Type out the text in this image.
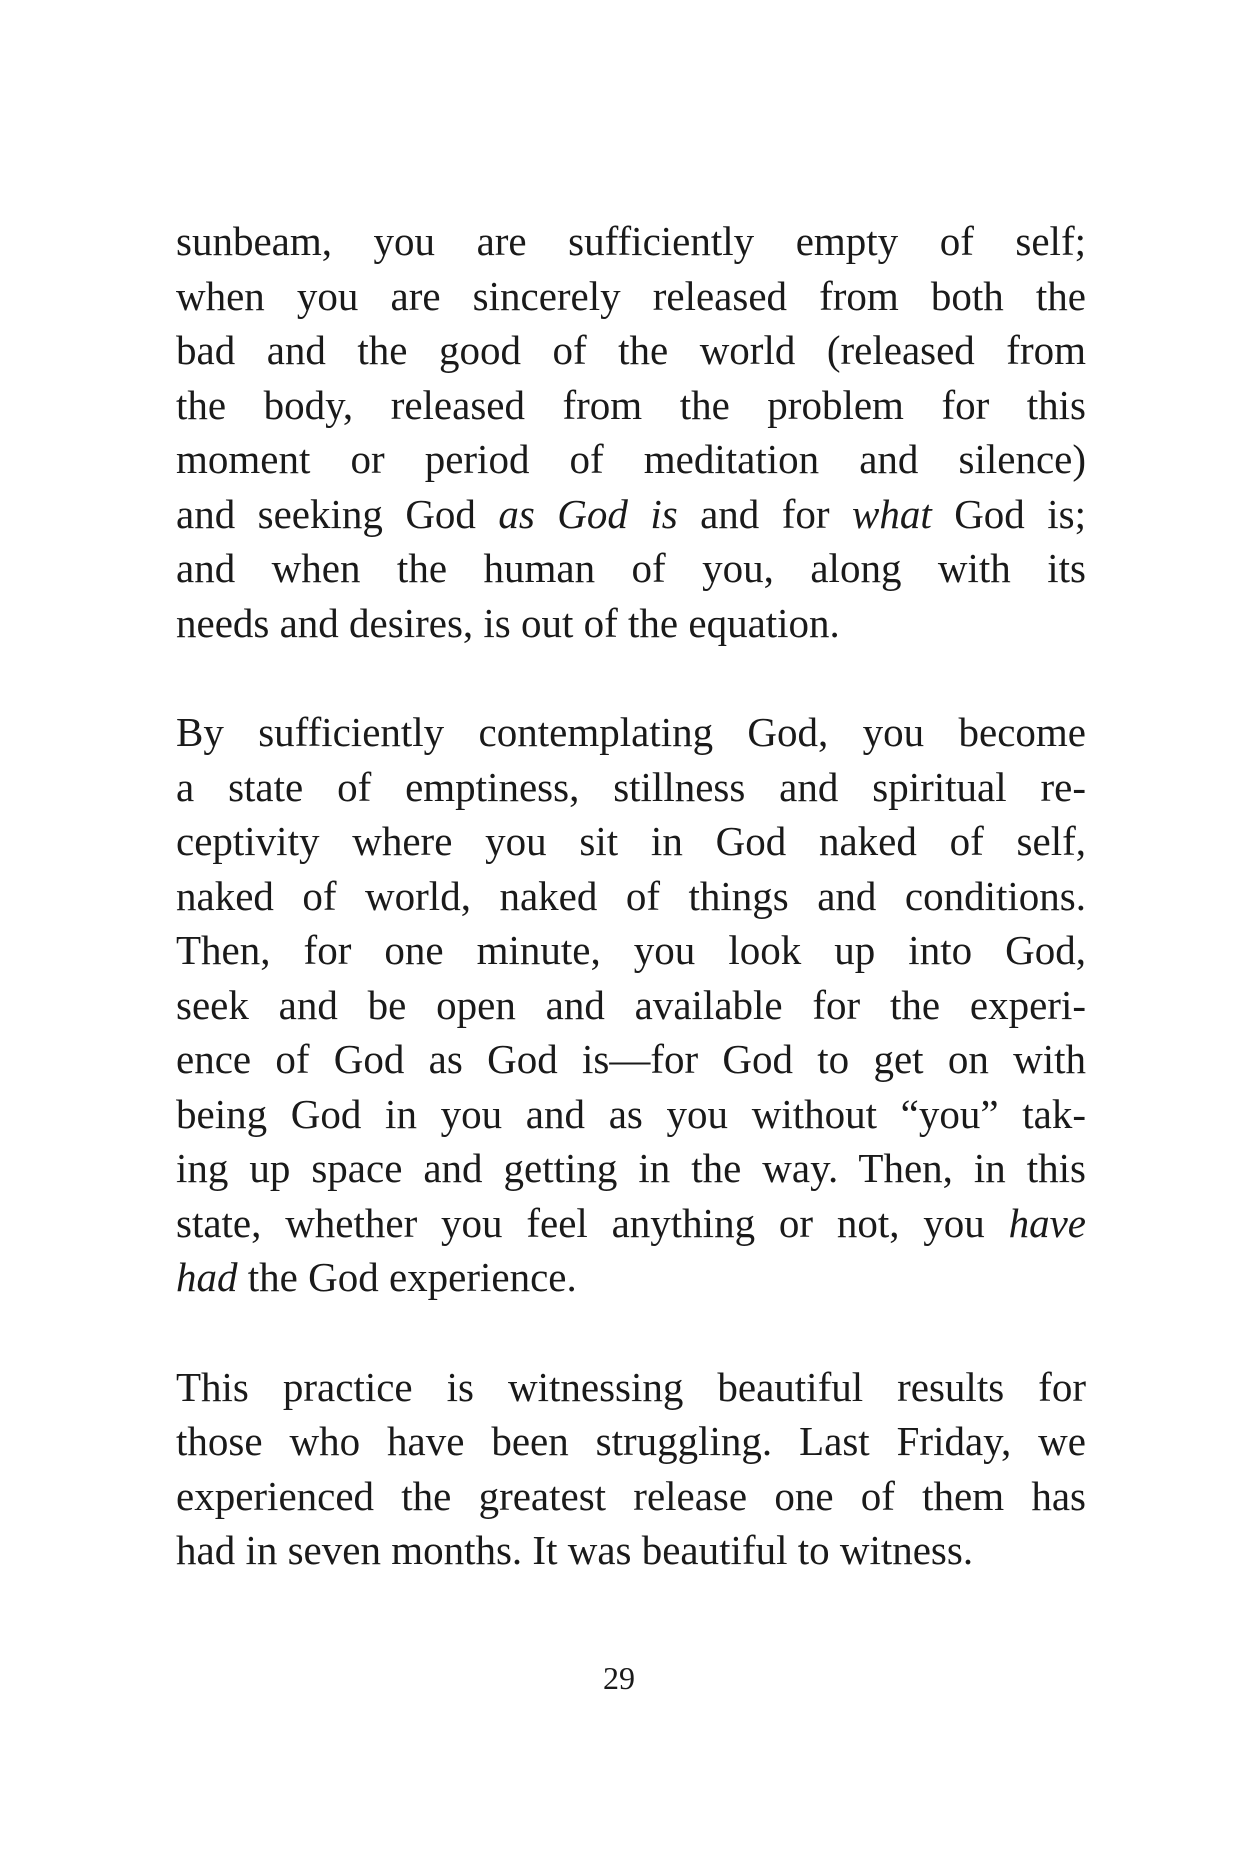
sunbeam, you are sufficiently empty of self;
when you are sincerely released from both the
bad and the good of the world (released from
the body, released from the problem for this
moment or period of meditation and silence)
and seeking God as God is and for what God is;
and when the human of you, along with its
needs and desires, is out of the equation.
By sufficiently contemplating God, you become
a state of emptiness, stillness and spiritual re-
ceptivity where you sit in God naked of self,
naked of world, naked of things and conditions.
Then, for one minute, you look up into God,
seek and be open and available for the experi-
ence of God as God is—for God to get on with
being God in you and as you without “you” tak-
ing up space and getting in the way. Then, in this
state, whether you feel anything or not, you have
had the God experience.
This practice is witnessing beautiful results for
those who have been struggling. Last Friday, we
experienced the greatest release one of them has
had in seven months. It was beautiful to witness.
29
